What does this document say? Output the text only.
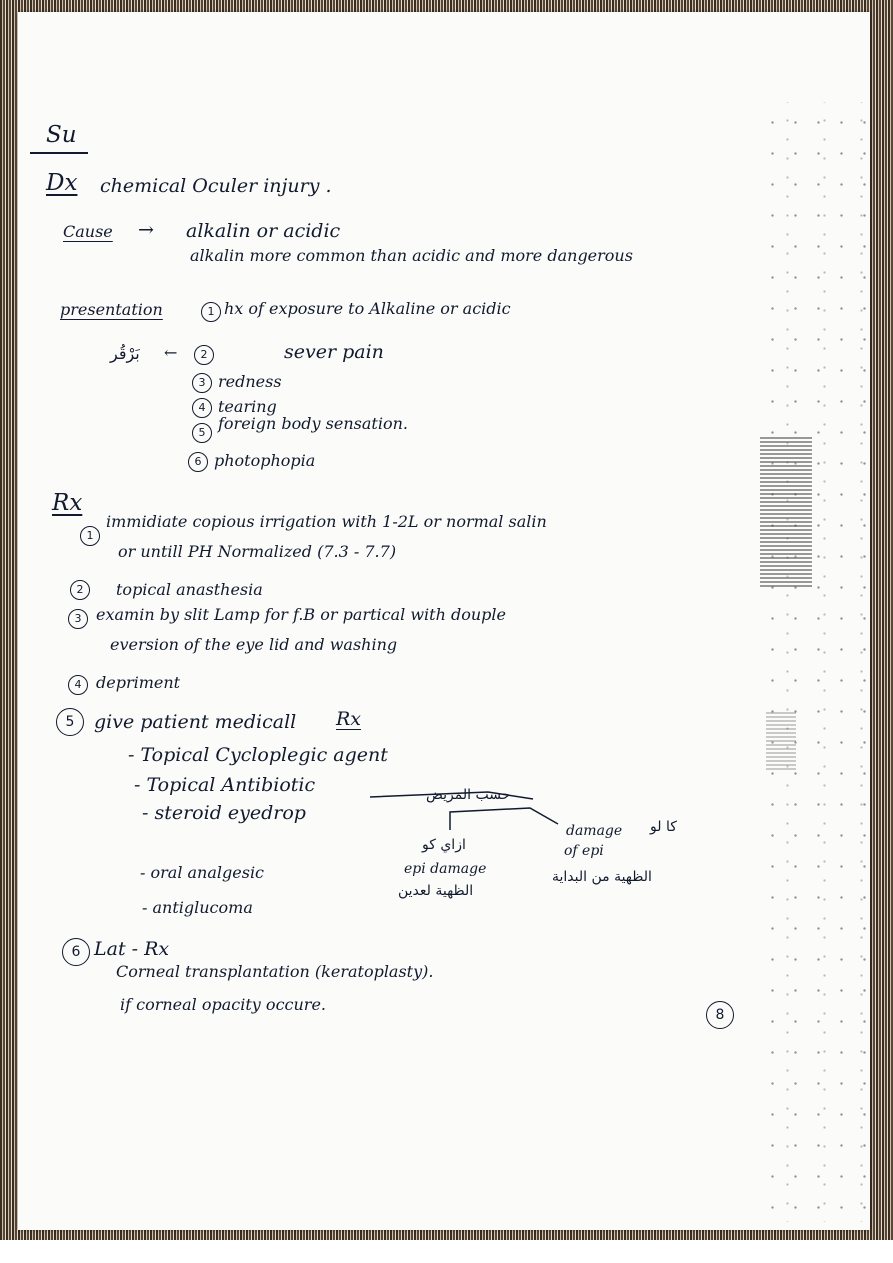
Su
Dx chemical Oculer injury .
Cause → alkalin or acidic
alkalin more common than acidic and more dangerous
presentation	1 hx of exposure to Alkaline or acidic
بَرْقُر ←	2	sever pain
3 redness
4 tearing
5 foreign body sensation.
6 photophopia
Rx
1
immidiate copious irrigation with 1-2L or normal salin
or untill PH Normalized (7.3 - 7.7)
2	topical anasthesia
3 examin by slit Lamp for f.B or partical with douple
eversion of the eye lid and washing
4 depriment
5	give patient medicall Rx
- Topical Cycloplegic agent
- Topical Antibiotic
- steroid eyedrop
- oral analgesic
- antiglucoma
حسب المريض
ازاي كو
epi damage
الظهية لعدين
damage كا لو
of epi
الظهية من البداية
6 Lat - Rx
Corneal transplantation (keratoplasty).
if corneal opacity occure.
8
